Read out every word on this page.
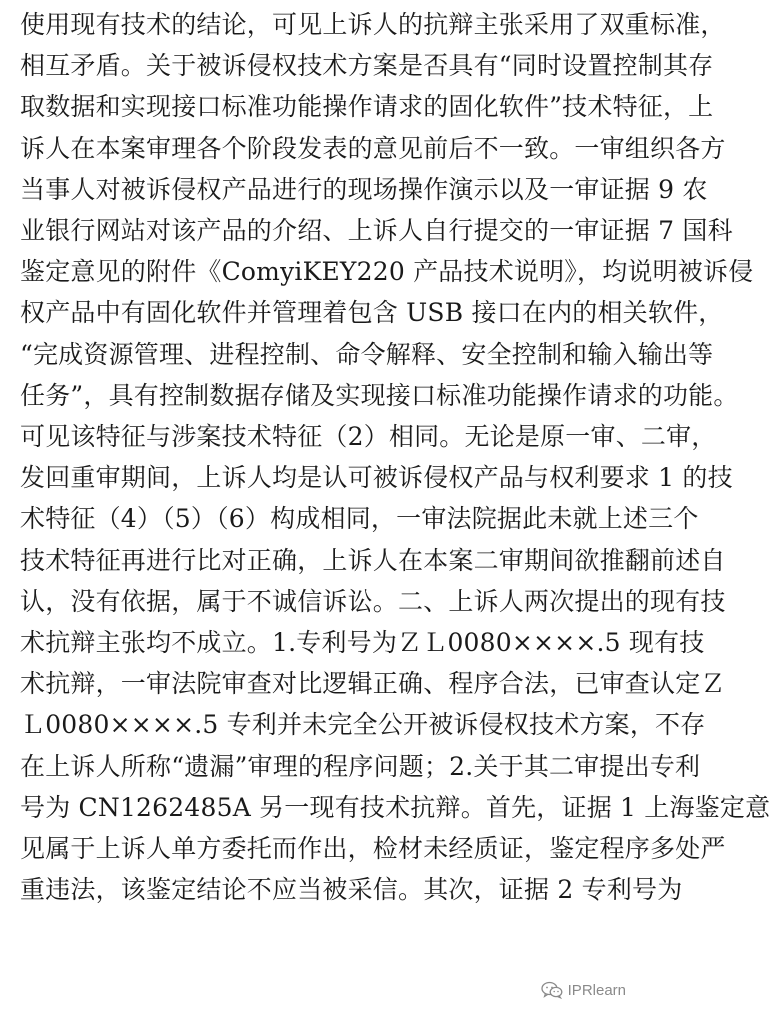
使用现有技术的结论，可见上诉人的抗辩主张采用了双重标准，
相互矛盾。关于被诉侵权技术方案是否具有“同时设置控制其存
取数据和实现接口标准功能操作请求的固化软件”技术特征，上
诉人在本案审理各个阶段发表的意见前后不一致。一审组织各方
当事人对被诉侵权产品进行的现场操作演示以及一审证据 9 农
业银行网站对该产品的介绍、上诉人自行提交的一审证据 7 国科
鉴定意见的附件《ComyiKEY220 产品技术说明》，均说明被诉侵
权产品中有固化软件并管理着包含 USB 接口在内的相关软件，
“完成资源管理、进程控制、命令解释、安全控制和输入输出等
任务”，具有控制数据存储及实现接口标准功能操作请求的功能。
可见该特征与涉案技术特征（2）相同。无论是原一审、二审，
发回重审期间，上诉人均是认可被诉侵权产品与权利要求 1 的技
术特征（4）（5）（6）构成相同，一审法院据此未就上述三个
技术特征再进行比对正确，上诉人在本案二审期间欲推翻前述自
认，没有依据，属于不诚信诉讼。二、上诉人两次提出的现有技
术抗辩主张均不成立。1.专利号为ＺＬ0080××××.5 现有技
术抗辩，一审法院审查对比逻辑正确、程序合法，已审查认定Ｚ
Ｌ0080××××.5 专利并未完全公开被诉侵权技术方案，不存
在上诉人所称“遗漏”审理的程序问题；2.关于其二审提出专利
号为 CN1262485A 另一现有技术抗辩。首先，证据 1 上海鉴定意
见属于上诉人单方委托而作出，检材未经质证，鉴定程序多处严
重违法，该鉴定结论不应当被采信。其次，证据 2 专利号为
IPRlearn
